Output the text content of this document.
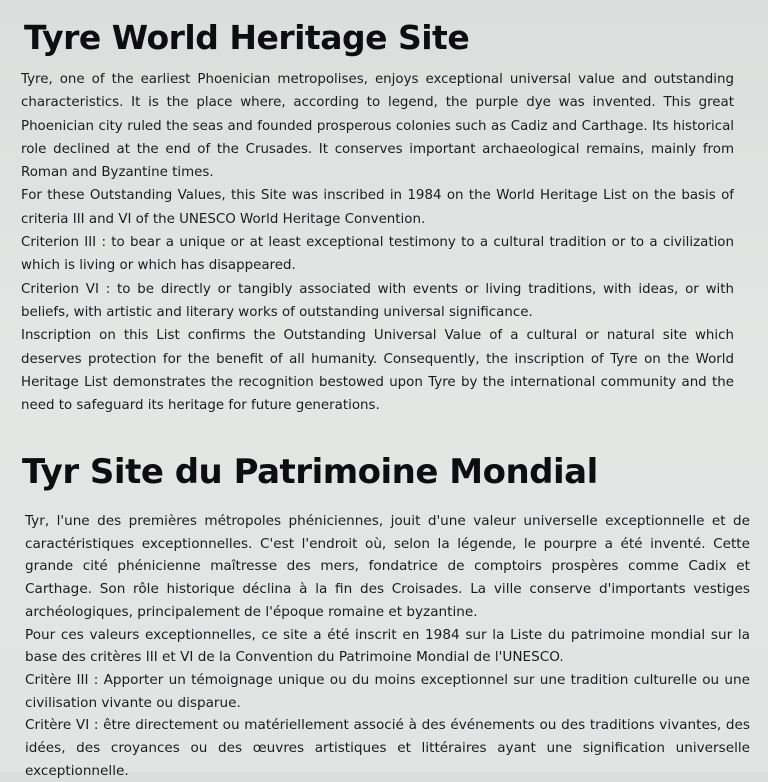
Tyre World Heritage Site

Tyre, one of the earliest Phoenician metropolises, enjoys exceptional universal value and outstanding characteristics. It is the place where, according to legend, the purple dye was invented. This great Phoenician city ruled the seas and founded prosperous colonies such as Cadiz and Carthage. Its historical role declined at the end of the Crusades. It conserves important archaeological remains, mainly from Roman and Byzantine times.

For these Outstanding Values, this Site was inscribed in 1984 on the World Heritage List on the basis of criteria III and VI of the UNESCO World Heritage Convention.

Criterion III : to bear a unique or at least exceptional testimony to a cultural tradition or to a civilization which is living or which has disappeared.

Criterion VI : to be directly or tangibly associated with events or living traditions, with ideas, or with beliefs, with artistic and literary works of outstanding universal significance.

Inscription on this List confirms the Outstanding Universal Value of a cultural or natural site which deserves protection for the benefit of all humanity. Consequently, the inscription of Tyre on the World Heritage List demonstrates the recognition bestowed upon Tyre by the international community and the need to safeguard its heritage for future generations.

Tyr Site du Patrimoine Mondial

Tyr, l'une des premières métropoles phéniciennes, jouit d'une valeur universelle exceptionnelle et de caractéristiques exceptionnelles. C'est l'endroit où, selon la légende, le pourpre a été inventé. Cette grande cité phénicienne maîtresse des mers, fondatrice de comptoirs prospères comme Cadix et Carthage. Son rôle historique déclina à la fin des Croisades. La ville conserve d'importants vestiges archéologiques, principalement de l'époque romaine et byzantine.

Pour ces valeurs exceptionnelles, ce site a été inscrit en 1984 sur la Liste du patrimoine mondial sur la base des critères III et VI de la Convention du Patrimoine Mondial de l'UNESCO.

Critère III : Apporter un témoignage unique ou du moins exceptionnel sur une tradition culturelle ou une civilisation vivante ou disparue.

Critère VI : être directement ou matériellement associé à des événements ou des traditions vivantes, des idées, des croyances ou des œuvres artistiques et littéraires ayant une signification universelle exceptionnelle.
